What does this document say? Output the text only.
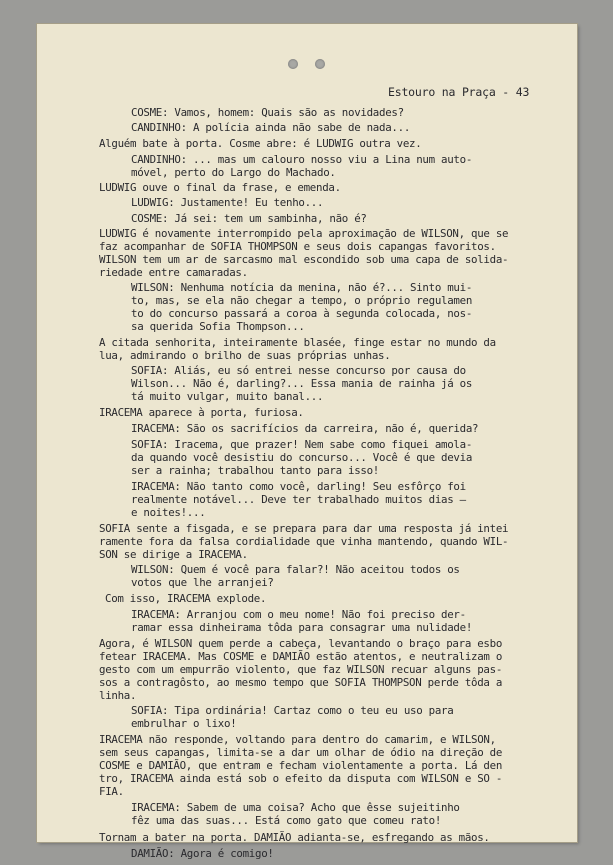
Estouro na Praça - 43
COSME: Vamos, homem: Quais são as novidades?
CANDINHO: A polícia ainda não sabe de nada...
Alguém bate à porta. Cosme abre: é LUDWIG outra vez.
CANDINHO: ... mas um calouro nosso viu a Lina num auto-
móvel, perto do Largo do Machado.
LUDWIG ouve o final da frase, e emenda.
LUDWIG: Justamente! Eu tenho...
COSME: Já sei: tem um sambinha, não é?
LUDWIG é novamente interrompido pela aproximação de WILSON, que se
faz acompanhar de SOFIA THOMPSON e seus dois capangas favoritos.
WILSON tem um ar de sarcasmo mal escondido sob uma capa de solida-
riedade entre camaradas.
WILSON: Nenhuma notícia da menina, não é?... Sinto mui-
to, mas, se ela não chegar a tempo, o próprio regulamen
to do concurso passará a coroa à segunda colocada, nos-
sa querida Sofia Thompson...
A citada senhorita, inteiramente blasée, finge estar no mundo da
lua, admirando o brilho de suas próprias unhas.
SOFIA: Aliás, eu só entrei nesse concurso por causa do
Wilson... Não é, darling?... Essa mania de rainha já os
tá muito vulgar, muito banal...
IRACEMA aparece à porta, furiosa.
IRACEMA: São os sacrifícios da carreira, não é, querida?
SOFIA: Iracema, que prazer! Nem sabe como fiquei amola-
da quando você desistiu do concurso... Você é que devia
ser a rainha; trabalhou tanto para isso!
IRACEMA: Não tanto como você, darling! Seu esfôrço foi
realmente notável... Deve ter trabalhado muitos dias —
e noites!...
SOFIA sente a fisgada, e se prepara para dar uma resposta já intei
ramente fora da falsa cordialidade que vinha mantendo, quando WIL-
SON se dirige a IRACEMA.
WILSON: Quem é você para falar?! Não aceitou todos os
votos que lhe arranjei?
Com isso, IRACEMA explode.
IRACEMA: Arranjou com o meu nome! Não foi preciso der-
ramar essa dinheirama tôda para consagrar uma nulidade!
Agora, é WILSON quem perde a cabeça, levantando o braço para esbo
fetear IRACEMA. Mas COSME e DAMIÃO estão atentos, e neutralizam o
gesto com um empurrão violento, que faz WILSON recuar alguns pas-
sos a contragôsto, ao mesmo tempo que SOFIA THOMPSON perde tôda a
linha.
SOFIA: Tipa ordinária! Cartaz como o teu eu uso para
embrulhar o lixo!
IRACEMA não responde, voltando para dentro do camarim, e WILSON,
sem seus capangas, limita-se a dar um olhar de ódio na direção de
COSME e DAMIÃO, que entram e fecham violentamente a porta. Lá den
tro, IRACEMA ainda está sob o efeito da disputa com WILSON e SO -
FIA.
IRACEMA: Sabem de uma coisa? Acho que êsse sujeitinho
fêz uma das suas... Está como gato que comeu rato!
Tornam a bater na porta. DAMIÃO adianta-se, esfregando as mãos.
DAMIÃO: Agora é comigo!
